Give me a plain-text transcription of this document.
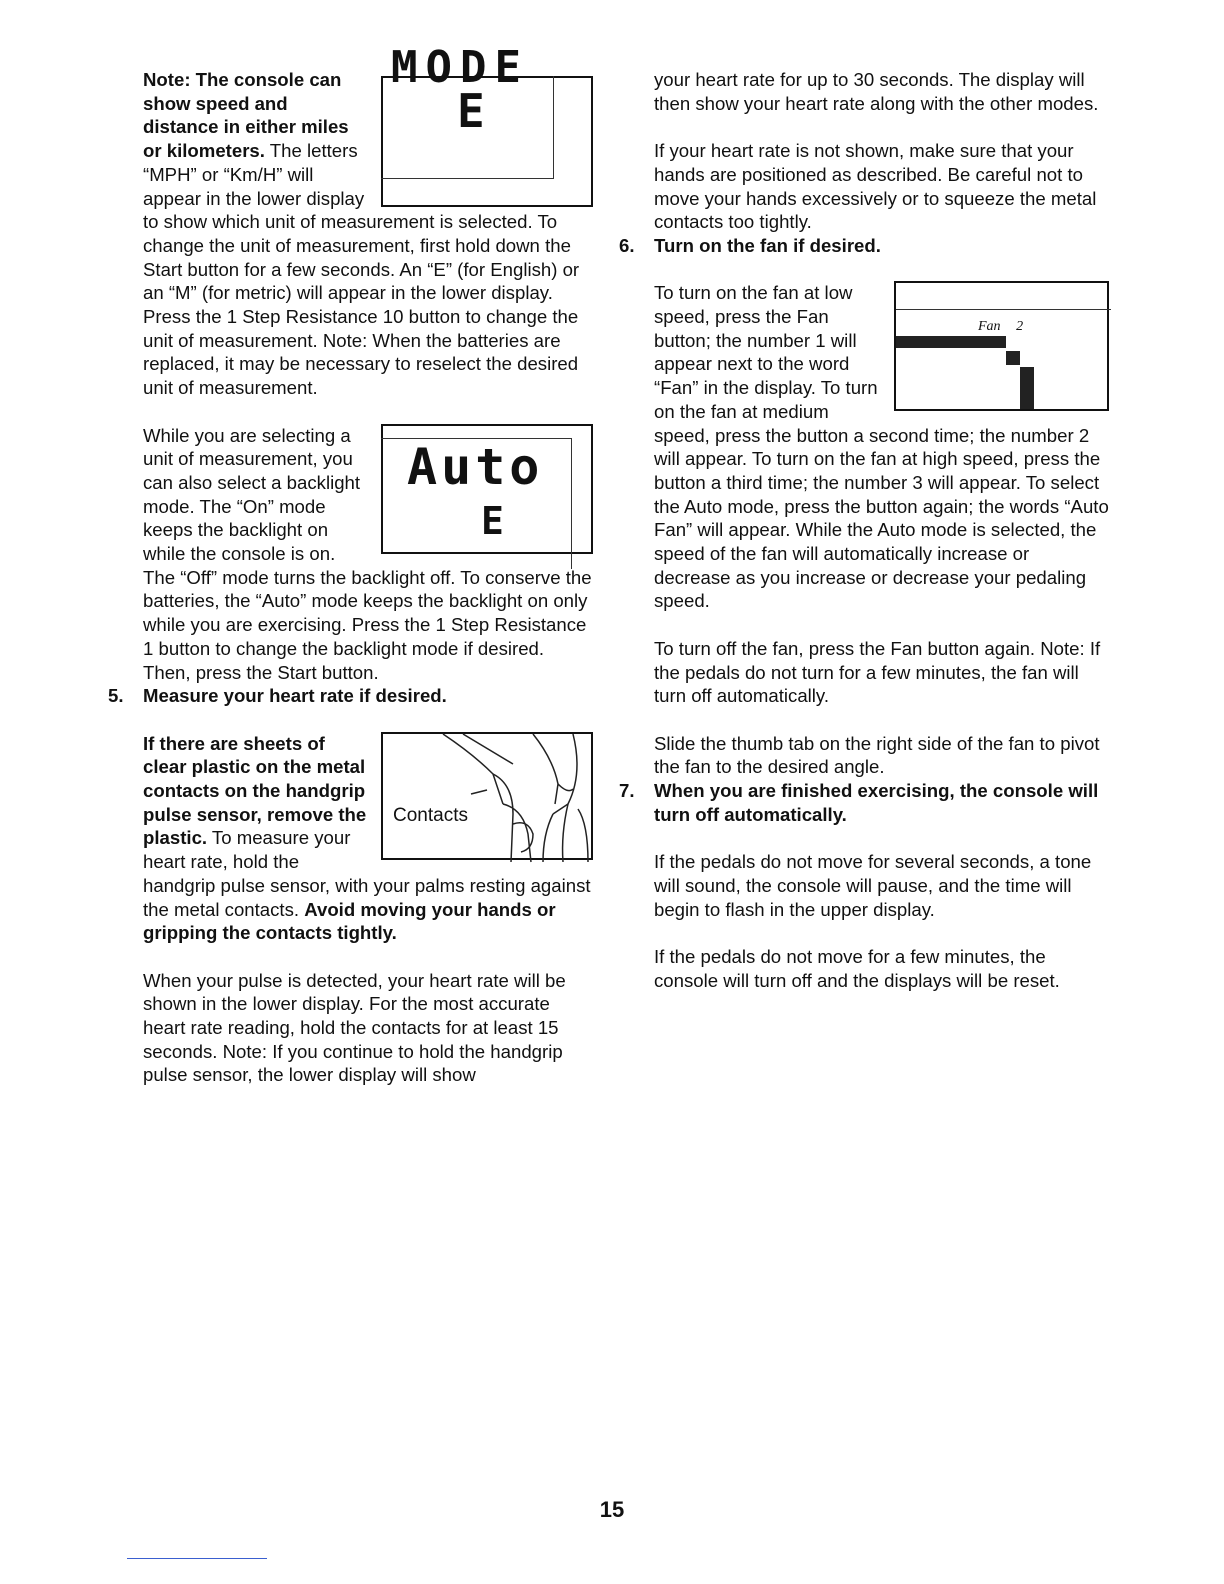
MODE
E

Note: The console can show speed and distance in either miles or kilometers. The letters “MPH” or “Km/H” will appear in the lower display to show which unit of measurement is selected. To change the unit of measurement, first hold down the Start button for a few seconds. An “E” (for English) or an “M” (for metric) will appear in the lower display. Press the 1 Step Resistance 10 button to change the unit of measurement. Note: When the batteries are replaced, it may be necessary to reselect the desired unit of measurement.

Auto
E

While you are selecting a unit of measurement, you can also select a backlight mode. The “On” mode keeps the backlight on while the console is on. The “Off” mode turns the backlight off. To conserve the batteries, the “Auto” mode keeps the backlight on only while you are exercising. Press the 1 Step Resistance 1 button to change the backlight mode if desired. Then, press the Start button.

5. Measure your heart rate if desired.

Contacts

If there are sheets of clear plastic on the metal contacts on the handgrip pulse sensor, remove the plastic. To measure your heart rate, hold the handgrip pulse sensor, with your palms resting against the metal contacts. Avoid moving your hands or gripping the contacts tightly.

When your pulse is detected, your heart rate will be shown in the lower display. For the most accurate heart rate reading, hold the contacts for at least 15 seconds. Note: If you continue to hold the handgrip pulse sensor, the lower display will show

your heart rate for up to 30 seconds. The display will then show your heart rate along with the other modes.

If your heart rate is not shown, make sure that your hands are positioned as described. Be careful not to move your hands excessively or to squeeze the metal contacts too tightly.

6. Turn on the fan if desired.

Fan 2

To turn on the fan at low speed, press the Fan button; the number 1 will appear next to the word “Fan” in the display. To turn on the fan at medium speed, press the button a second time; the number 2 will appear. To turn on the fan at high speed, press the button a third time; the number 3 will appear. To select the Auto mode, press the button again; the words “Auto Fan” will appear. While the Auto mode is selected, the speed of the fan will automatically increase or decrease as you increase or decrease your pedaling speed.

To turn off the fan, press the Fan button again. Note: If the pedals do not turn for a few minutes, the fan will turn off automatically.

Slide the thumb tab on the right side of the fan to pivot the fan to the desired angle.

7. When you are finished exercising, the console will turn off automatically.

If the pedals do not move for several seconds, a tone will sound, the console will pause, and the time will begin to flash in the upper display.

If the pedals do not move for a few minutes, the console will turn off and the displays will be reset.

15
